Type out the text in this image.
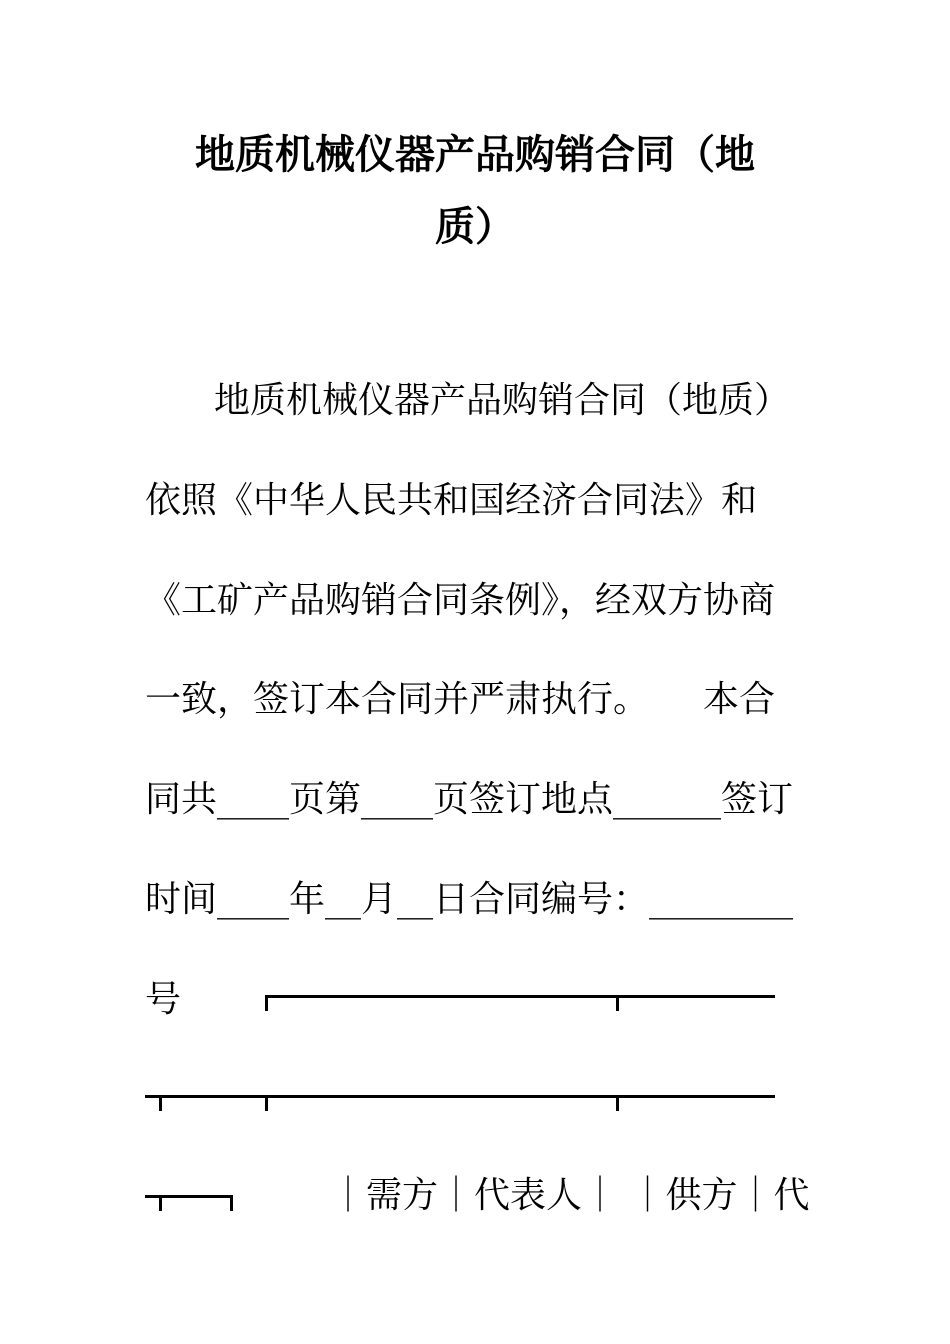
地质机械仪器产品购销合同（地
质）
　地质机械仪器产品购销合同（地质）
依照《中华人民共和国经济合同法》和
《工矿产品购销合同条例》，经双方协商
一致，签订本合同并严肃执行。　　本合
同共____页第____页签订地点______签订
时间____年__月__日合同编号：________
号
｜需方｜代表人｜ ｜供方｜代
